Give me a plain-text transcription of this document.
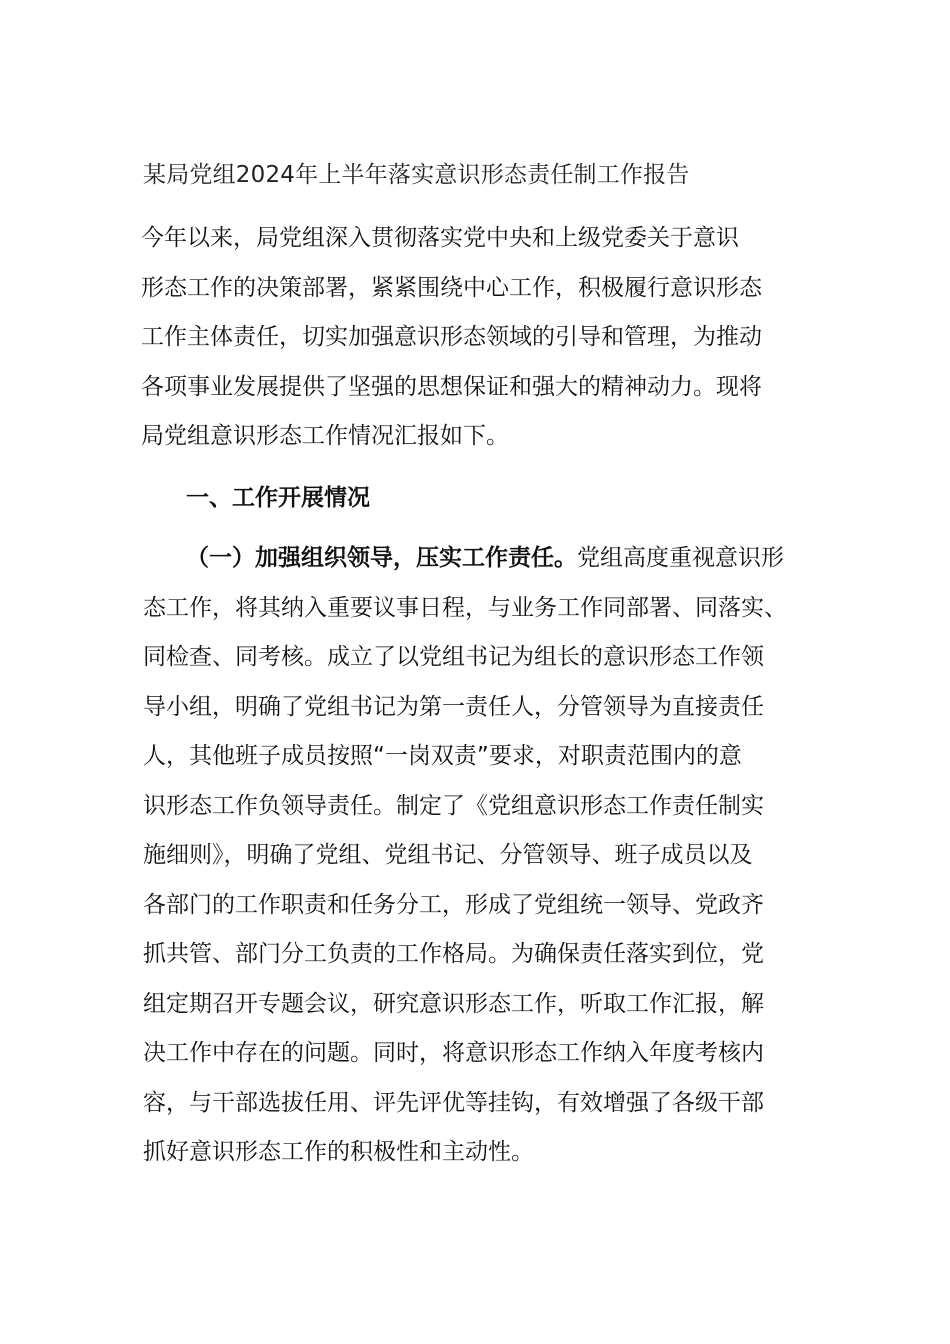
某局党组2024年上半年落实意识形态责任制工作报告
今年以来，局党组深入贯彻落实党中央和上级党委关于意识
形态工作的决策部署，紧紧围绕中心工作，积极履行意识形态
工作主体责任，切实加强意识形态领域的引导和管理，为推动
各项事业发展提供了坚强的思想保证和强大的精神动力。现将
局党组意识形态工作情况汇报如下。
一、工作开展情况
（一）加强组织领导，压实工作责任。党组高度重视意识形
态工作，将其纳入重要议事日程，与业务工作同部署、同落实、
同检查、同考核。成立了以党组书记为组长的意识形态工作领
导小组，明确了党组书记为第一责任人，分管领导为直接责任
人，其他班子成员按照“一岗双责”要求，对职责范围内的意
识形态工作负领导责任。制定了《党组意识形态工作责任制实
施细则》，明确了党组、党组书记、分管领导、班子成员以及
各部门的工作职责和任务分工，形成了党组统一领导、党政齐
抓共管、部门分工负责的工作格局。为确保责任落实到位，党
组定期召开专题会议，研究意识形态工作，听取工作汇报，解
决工作中存在的问题。同时，将意识形态工作纳入年度考核内
容，与干部选拔任用、评先评优等挂钩，有效增强了各级干部
抓好意识形态工作的积极性和主动性。
